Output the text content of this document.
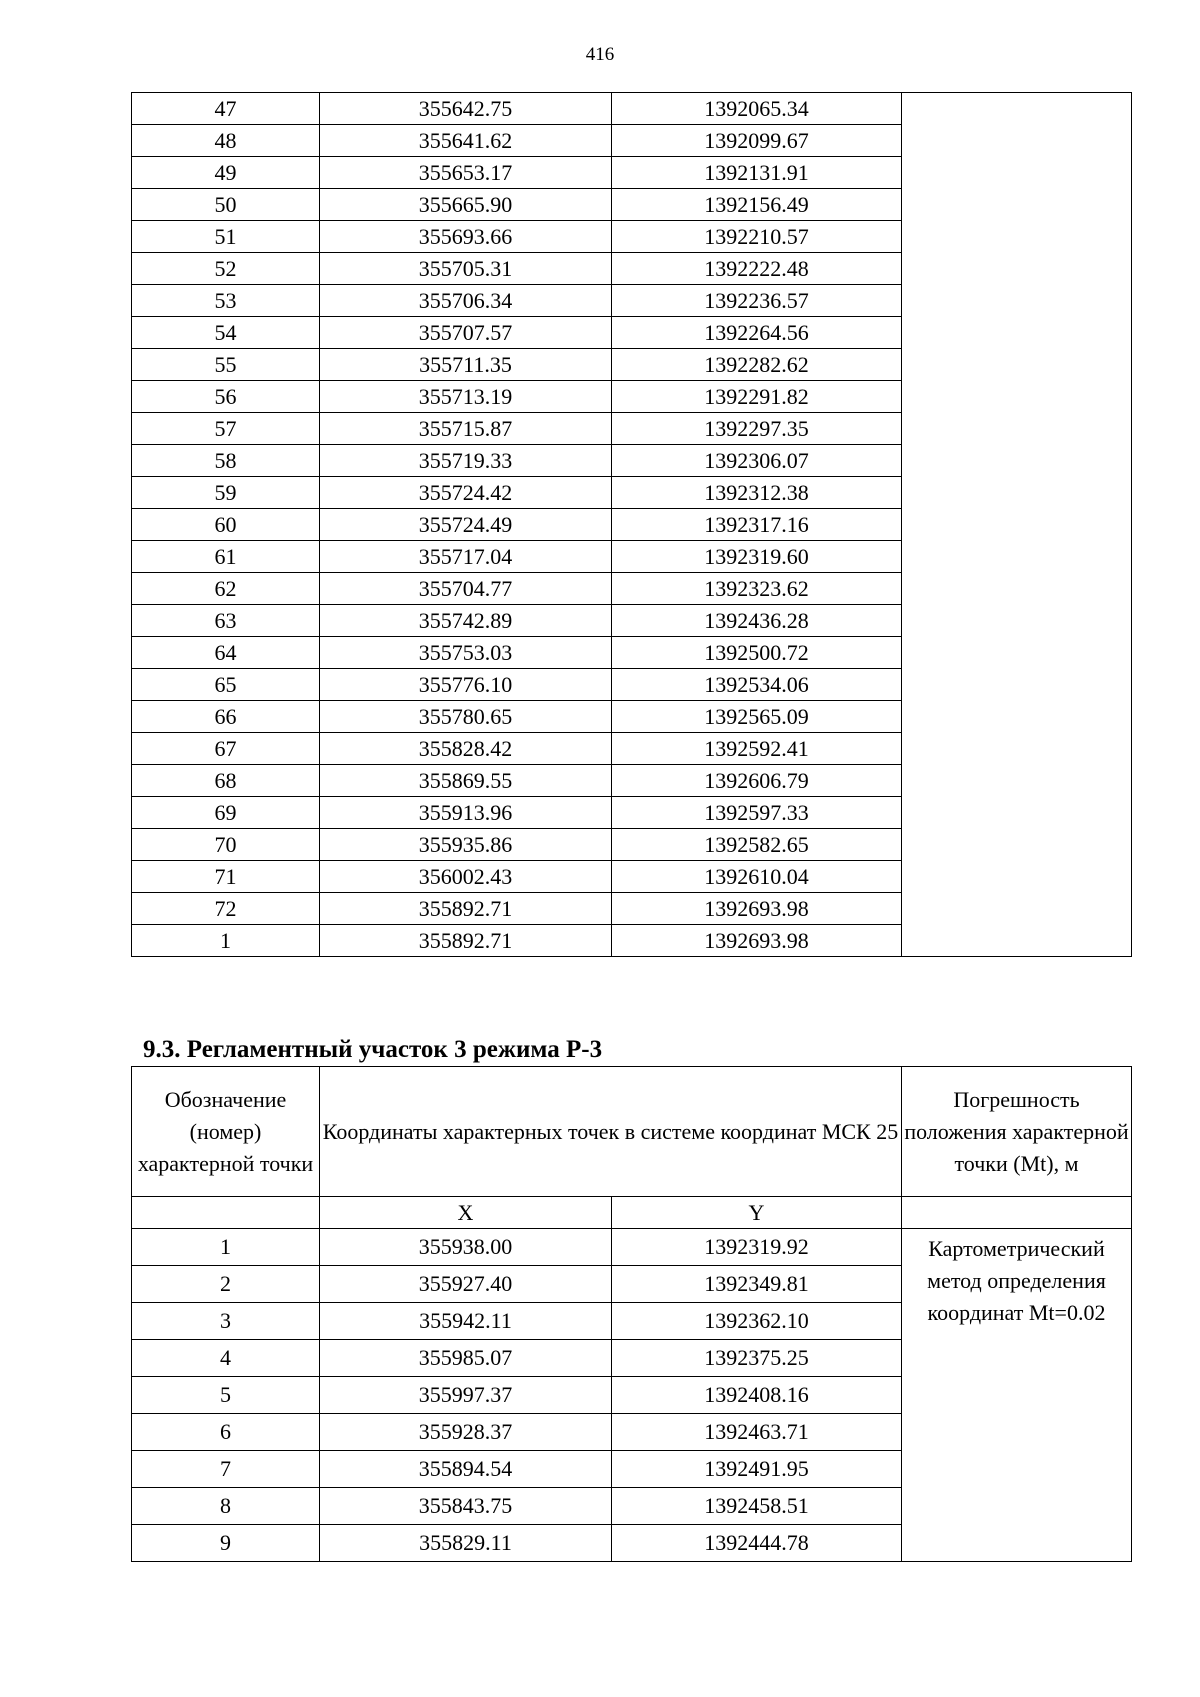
416
47	355642.75	1392065.34	
48	355641.62	1392099.67	
49	355653.17	1392131.91	
50	355665.90	1392156.49	
51	355693.66	1392210.57	
52	355705.31	1392222.48	
53	355706.34	1392236.57	
54	355707.57	1392264.56	
55	355711.35	1392282.62	
56	355713.19	1392291.82	
57	355715.87	1392297.35	
58	355719.33	1392306.07	
59	355724.42	1392312.38	
60	355724.49	1392317.16	
61	355717.04	1392319.60	
62	355704.77	1392323.62	
63	355742.89	1392436.28	
64	355753.03	1392500.72	
65	355776.10	1392534.06	
66	355780.65	1392565.09	
67	355828.42	1392592.41	
68	355869.55	1392606.79	
69	355913.96	1392597.33	
70	355935.86	1392582.65	
71	356002.43	1392610.04	
72	355892.71	1392693.98	
1	355892.71	1392693.98	
9.3. Регламентный участок 3 режима Р-3
Обозначение (номер) характерной точки	Координаты характерных точек в системе координат МСК 25		Погрешность положения характерной точки (Mt), м
	X	Y	
1	355938.00	1392319.92	Картометрический метод определения координат Mt=0.02
2	355927.40	1392349.81	
3	355942.11	1392362.10	
4	355985.07	1392375.25	
5	355997.37	1392408.16	
6	355928.37	1392463.71	
7	355894.54	1392491.95	
8	355843.75	1392458.51	
9	355829.11	1392444.78	
